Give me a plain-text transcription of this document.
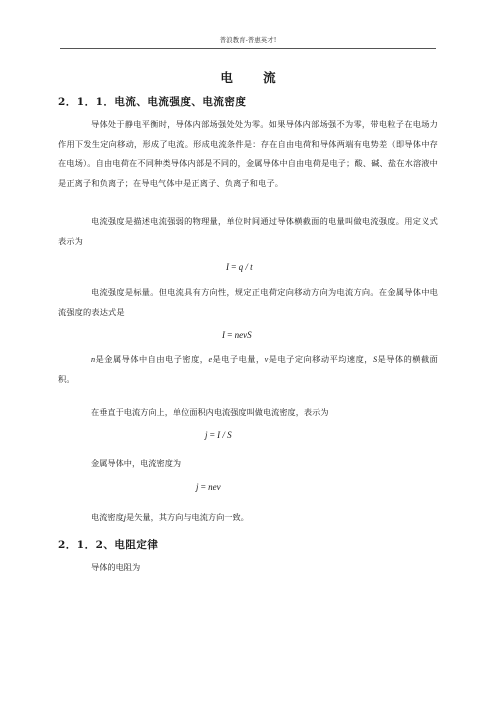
普浪教育-普惠英才!
电 流
2．1．1．电流、电流强度、电流密度
导体处于静电平衡时，导体内部场强处处为零。如果导体内部场强不为零，带电粒子在电场力作用下发生定向移动，形成了电流。形成电流条件是：存在自由电荷和导体两端有电势差（即导体中存在电场）。自由电荷在不同种类导体内部是不同的，金属导体中自由电荷是电子；酸、碱、盐在水溶液中是正离子和负离子；在导电气体中是正离子、负离子和电子。
电流强度是描述电流强弱的物理量，单位时间通过导体横截面的电量叫做电流强度。用定义式表示为
I = q / t
电流强度是标量。但电流具有方向性，规定正电荷定向移动方向为电流方向。在金属导体中电流强度的表达式是
I = nevS
n是金属导体中自由电子密度，e是电子电量，v是电子定向移动平均速度，S是导体的横截面积。
在垂直于电流方向上，单位面积内电流强度叫做电流密度，表示为
j = I / S
金属导体中，电流密度为
j = nev
电流密度j是矢量，其方向与电流方向一致。
2．1．2、电阻定律
导体的电阻为
